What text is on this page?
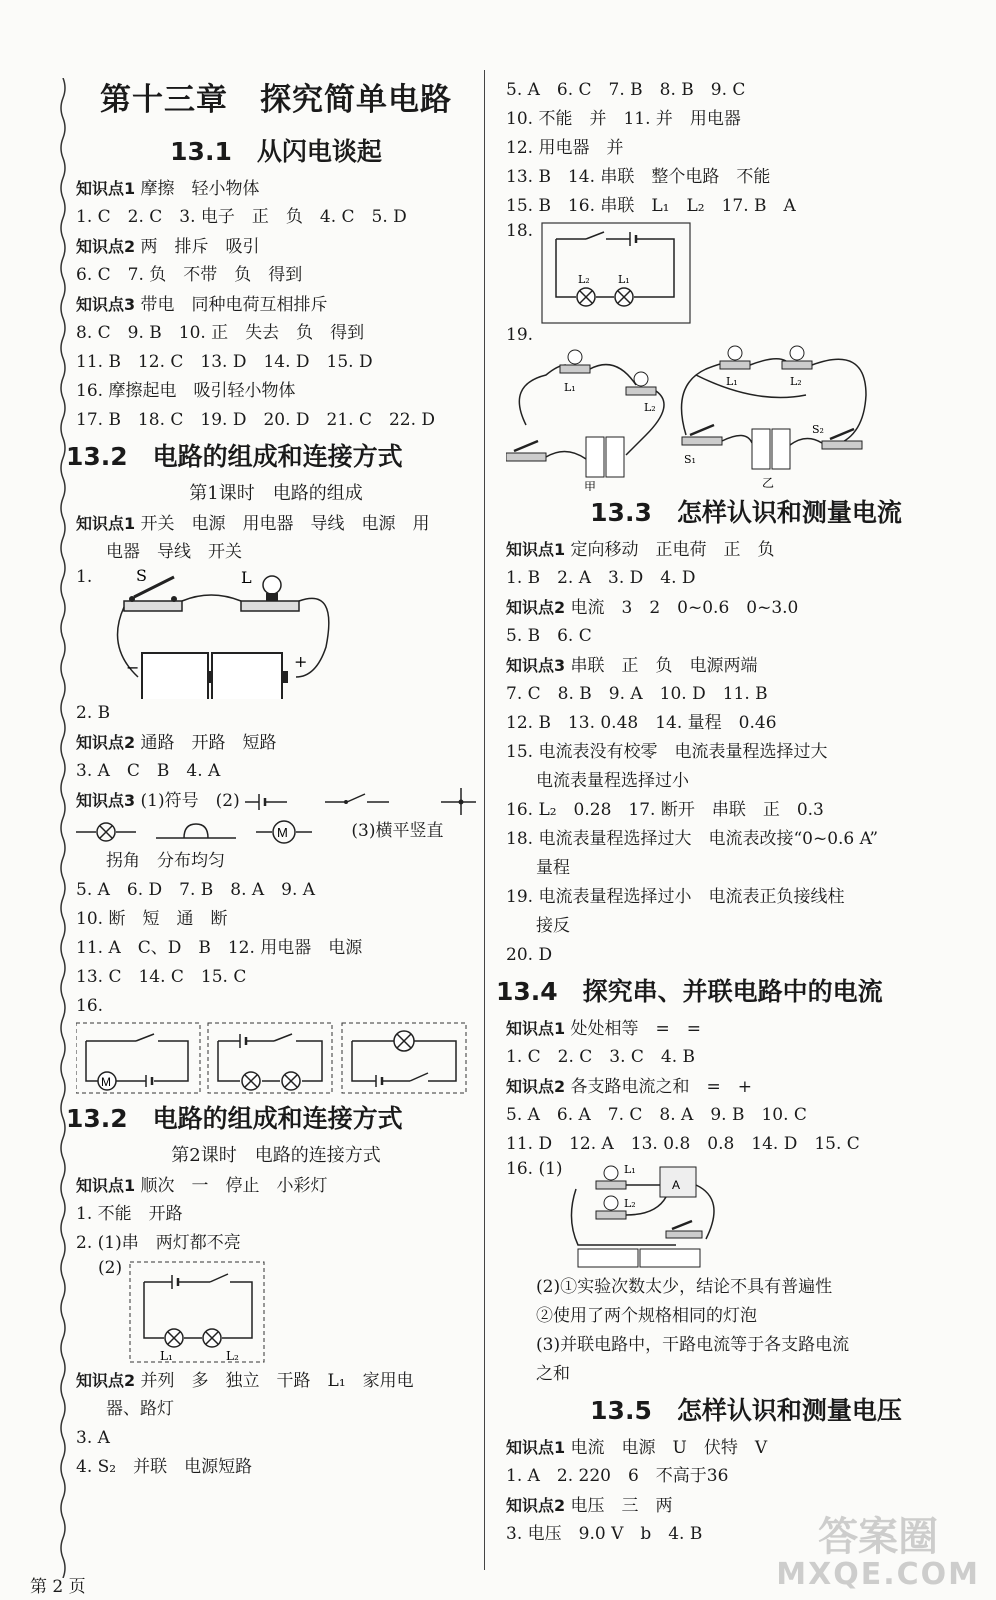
第十三章　探究简单电路
13.1　从闪电谈起
知识点1 摩擦　轻小物体
1. C　2. C　3. 电子　正　负　4. C　5. D
知识点2 两　排斥　吸引
6. C　7. 负　不带　负　得到
知识点3 带电　同种电荷互相排斥
8. C　9. B　10. 正　失去　负　得到
11. B　12. C　13. D　14. D　15. D
16. 摩擦起电　吸引轻小物体
17. B　18. C　19. D　20. D　21. C　22. D
13.2　电路的组成和连接方式
第1课时　电路的组成
知识点1 开关　电源　用电器　导线　电源　用
电器　导线　开关
1.	S	L
−	+
2. B
知识点2 通路　开路　短路
3. A　C　B　4. A
知识点3 (1)符号　(2)
M	(3)横平竖直
拐角　分布均匀
5. A　6. D　7. B　8. A　9. A
10. 断　短　通　断
11. A　C、D　B　12. 用电器　电源
13. C　14. C　15. C
16.
M
13.2　电路的组成和连接方式
第2课时　电路的连接方式
知识点1 顺次　一　停止　小彩灯
1. 不能　开路
2. (1)串　两灯都不亮
(2)
L₁	L₂
知识点2 并列　多　独立　干路　L₁　家用电
器、路灯
3. A
4. S₂　并联　电源短路
5. A　6. C　7. B　8. B　9. C
10. 不能　并　11. 并　用电器
12. 用电器　并
13. B　14. 串联　整个电路　不能
15. B　16. 串联　L₁　L₂　17. B　A
18.
L₂	L₁
19.
L₁
L₂
甲
L₁	L₂
S₁
乙
S₂
13.3　怎样认识和测量电流
知识点1 定向移动　正电荷　正　负
1. B　2. A　3. D　4. D
知识点2 电流　3　2　0~0.6　0~3.0
5. B　6. C
知识点3 串联　正　负　电源两端
7. C　8. B　9. A　10. D　11. B
12. B　13. 0.48　14. 量程　0.46
15. 电流表没有校零　电流表量程选择过大
电流表量程选择过小
16. L₂　0.28　17. 断开　串联　正　0.3
18. 电流表量程选择过大　电流表改接“0~0.6 A”
量程
19. 电流表量程选择过小　电流表正负接线柱
接反
20. D
13.4　探究串、并联电路中的电流
知识点1 处处相等　=　=
1. C　2. C　3. C　4. B
知识点2 各支路电流之和　=　+
5. A　6. A　7. C　8. A　9. B　10. C
11. D　12. A　13. 0.8　0.8　14. D　15. C
16. (1)	L₁
L₂
A
(2)①实验次数太少，结论不具有普遍性
②使用了两个规格相同的灯泡
(3)并联电路中，干路电流等于各支路电流
之和
13.5　怎样认识和测量电压
知识点1 电流　电源　U　伏特　V
1. A　2. 220　6　不高于36
知识点2 电压　三　两
3. 电压　9.0 V　b　4. B
第 2 页
答案圈
MXQE.COM
